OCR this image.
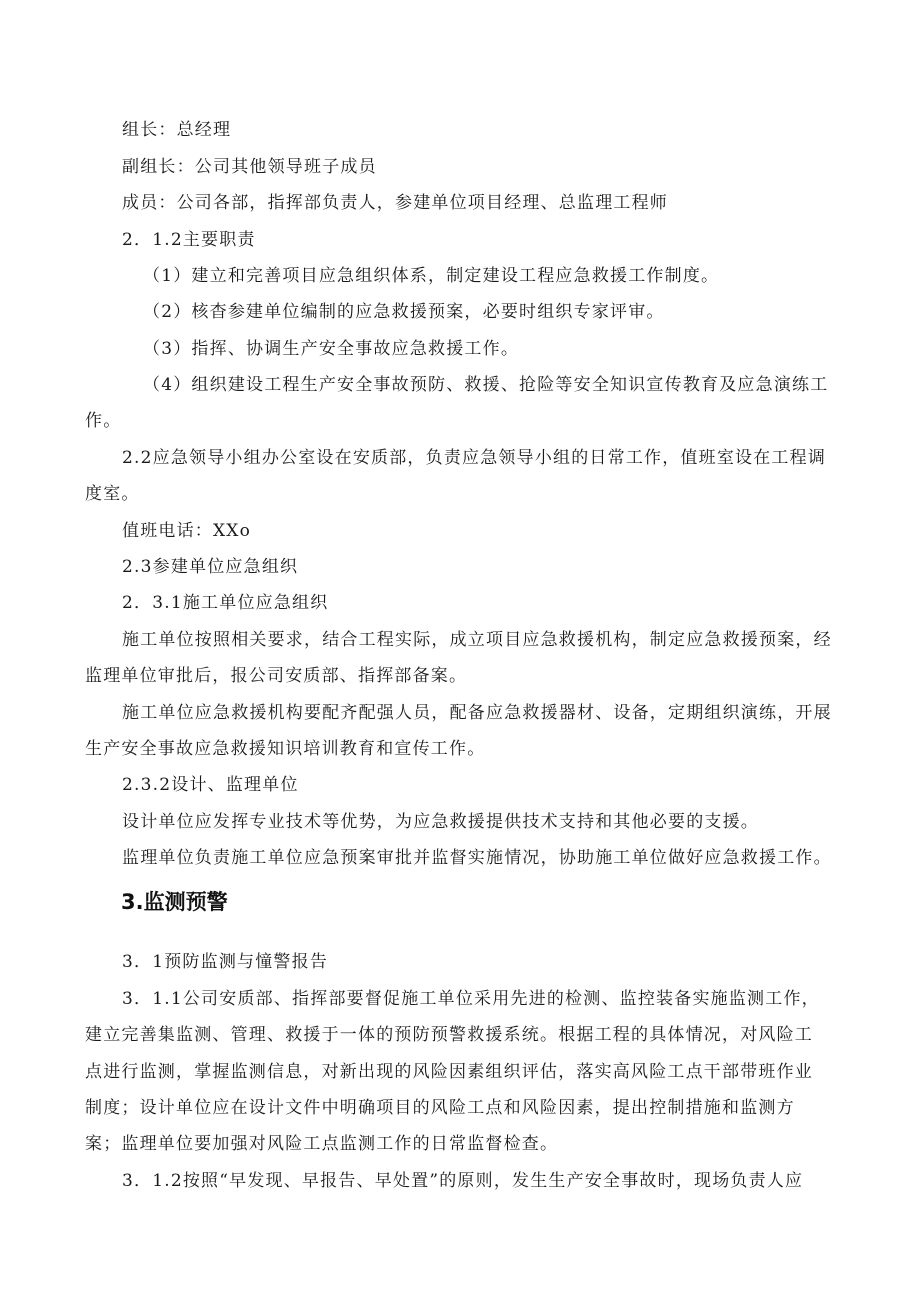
组长：总经理
副组长：公司其他领导班子成员
成员：公司各部，指挥部负责人，参建单位项目经理、总监理工程师
2．1.2主要职责
（1）建立和完善项目应急组织体系，制定建设工程应急救援工作制度。
（2）核杳参建单位编制的应急救援预案，必要时组织专家评审。
（3）指挥、协调生产安全事故应急救援工作。
（4）组织建设工程生产安全事故预防、救援、抢险等安全知识宣传教育及应急演练工
作。
2.2应急领导小组办公室设在安质部，负责应急领导小组的日常工作，值班室设在工程调
度室。
值班电话：XXo
2.3参建单位应急组织
2．3.1施工单位应急组织
施工单位按照相关要求，结合工程实际，成立项目应急救援机构，制定应急救援预案，经
监理单位审批后，报公司安质部、指挥部备案。
施工单位应急救援机构要配齐配强人员，配备应急救援器材、设备，定期组织演练，开展
生产安全事故应急救援知识培训教育和宣传工作。
2.3.2设计、监理单位
设计单位应发挥专业技术等优势，为应急救援提供技术支持和其他必要的支援。
监理单位负责施工单位应急预案审批并监督实施情况，协助施工单位做好应急救援工作。
3.监测预警
3．1预防监测与憧警报告
3．1.1公司安质部、指挥部要督促施工单位采用先进的检测、监控装备实施监测工作，
建立完善集监测、管理、救援于一体的预防预警救援系统。根据工程的具体情况，对风险工
点进行监测，掌握监测信息，对新出现的风险因素组织评估，落实高风险工点干部带班作业
制度；设计单位应在设计文件中明确项目的风险工点和风险因素，提出控制措施和监测方
案；监理单位要加强对风险工点监测工作的日常监督检查。
3．1.2按照“早发现、早报告、早处置”的原则，发生生产安全事故时，现场负责人应
